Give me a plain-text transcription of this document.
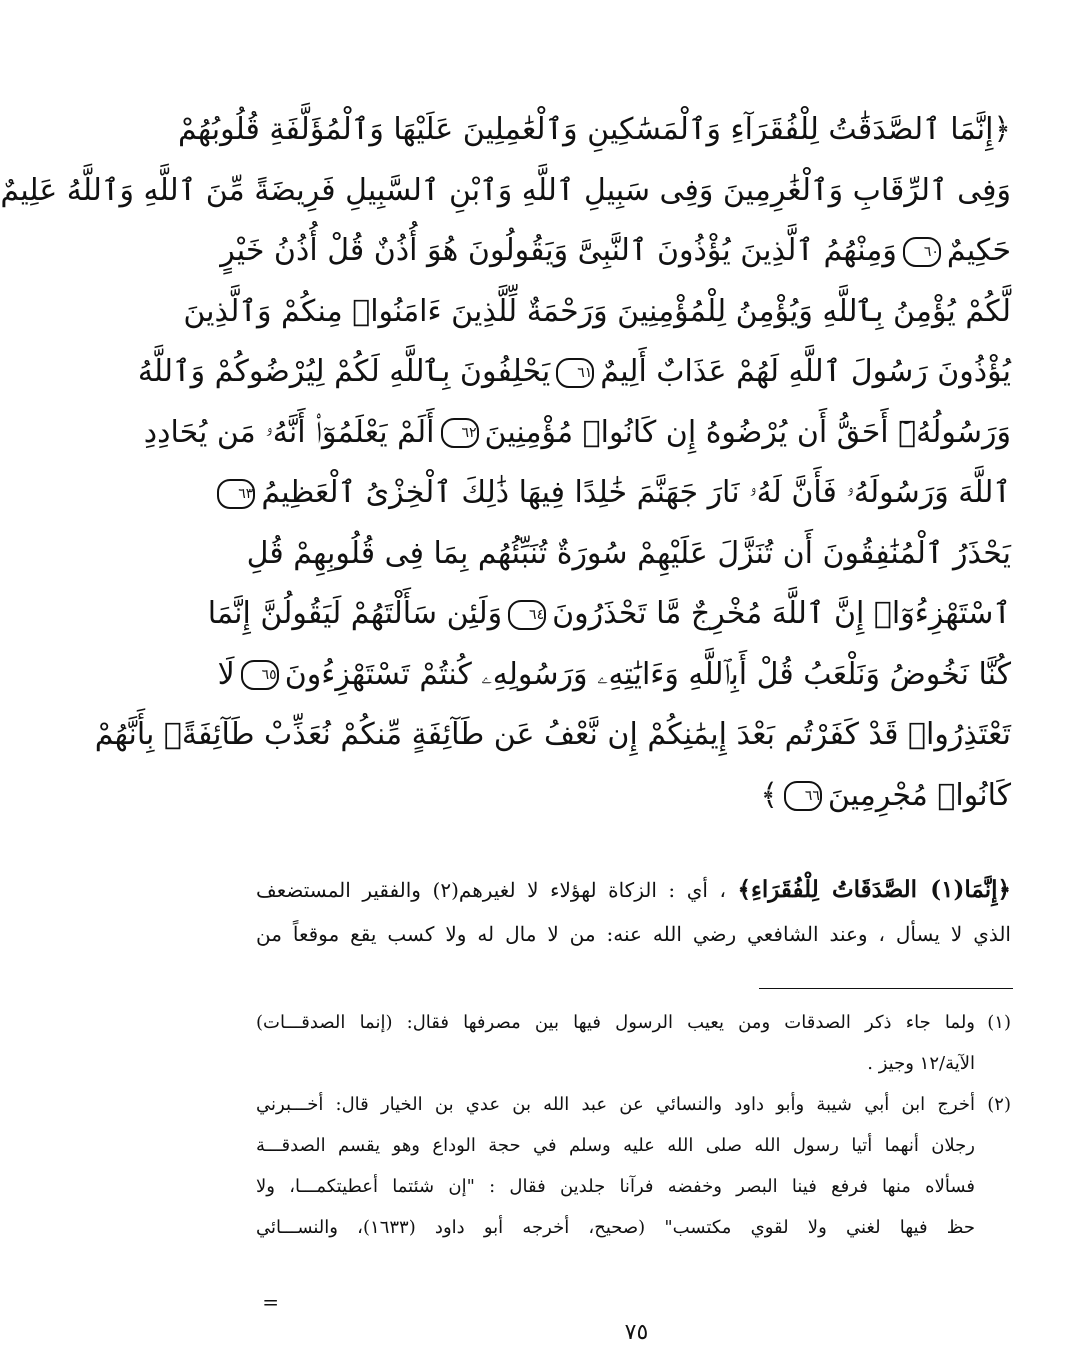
﴿إِنَّمَا ٱلصَّدَقَٰتُ لِلْفُقَرَآءِ وَٱلْمَسَٰكِينِ وَٱلْعَٰمِلِينَ عَلَيْهَا وَٱلْمُؤَلَّفَةِ قُلُوبُهُمْ
وَفِى ٱلرِّقَابِ وَٱلْغَٰرِمِينَ وَفِى سَبِيلِ ٱللَّهِ وَٱبْنِ ٱلسَّبِيلِ فَرِيضَةً مِّنَ ٱللَّهِ وَٱللَّهُ عَلِيمٌ
حَكِيمٌ٦٠وَمِنْهُمُ ٱلَّذِينَ يُؤْذُونَ ٱلنَّبِىَّ وَيَقُولُونَ هُوَ أُذُنٌ قُلْ أُذُنُ خَيْرٍ
لَّكُمْ يُؤْمِنُ بِٱللَّهِ وَيُؤْمِنُ لِلْمُؤْمِنِينَ وَرَحْمَةٌ لِّلَّذِينَ ءَامَنُوا۟ مِنكُمْ وَٱلَّذِينَ
يُؤْذُونَ رَسُولَ ٱللَّهِ لَهُمْ عَذَابٌ أَلِيمٌ٦١يَحْلِفُونَ بِٱللَّهِ لَكُمْ لِيُرْضُوكُمْ وَٱللَّهُ
وَرَسُولُهُۥٓ أَحَقُّ أَن يُرْضُوهُ إِن كَانُوا۟ مُؤْمِنِينَ٦٢أَلَمْ يَعْلَمُوٓا۟ أَنَّهُۥ مَن يُحَادِدِ
ٱللَّهَ وَرَسُولَهُۥ فَأَنَّ لَهُۥ نَارَ جَهَنَّمَ خَٰلِدًا فِيهَا ذَٰلِكَ ٱلْخِزْىُ ٱلْعَظِيمُ٦٣
يَحْذَرُ ٱلْمُنَٰفِقُونَ أَن تُنَزَّلَ عَلَيْهِمْ سُورَةٌ تُنَبِّئُهُم بِمَا فِى قُلُوبِهِمْ قُلِ
ٱسْتَهْزِءُوٓا۟ إِنَّ ٱللَّهَ مُخْرِجٌ مَّا تَحْذَرُونَ٦٤وَلَئِن سَأَلْتَهُمْ لَيَقُولُنَّ إِنَّمَا
كُنَّا نَخُوضُ وَنَلْعَبُ قُلْ أَبِٱللَّهِ وَءَايَٰتِهِۦ وَرَسُولِهِۦ كُنتُمْ تَسْتَهْزِءُونَ٦٥لَا
تَعْتَذِرُوا۟ قَدْ كَفَرْتُم بَعْدَ إِيمَٰنِكُمْ إِن نَّعْفُ عَن طَآئِفَةٍ مِّنكُمْ نُعَذِّبْ طَآئِفَةًۢ بِأَنَّهُمْ
كَانُوا۟ مُجْرِمِينَ٦٦﴾
﴿إِنَّمَا(١) الصَّدَقَاتُ لِلْفُقَرَاءِ﴾ ، أي : الزكاة لهؤلاء لا لغيرهم(٢) والفقير المستضعف
الذي لا يسأل ، وعند الشافعي رضي الله عنه: من لا مال له ولا كسب يقع موقعاً من
(١)
ولما جاء ذكر الصدقات ومن يعيب الرسول فيها بين مصرفها فقال: (إنما الصدقـــات)
الآية/١٢ وجيز .
(٢)
أخرج ابن أبي شيبة وأبو داود والنسائي عن عبد الله بن عدي بن الخيار قال: أخـــبرني
رجلان أنهما أتيا رسول الله صلى الله عليه وسلم في حجة الوداع وهو يقسم الصدقـــة
فسألاه منها فرفع فينا البصر وخفضه فرآنا جلدين فقال : "إن شئتما أعطيتكمـــا، ولا
حظ فيها لغني ولا لقوي مكتسب" (صحيح، أخرجه أبو داود (١٦٣٣)، والنســـائي
=
٧٥
